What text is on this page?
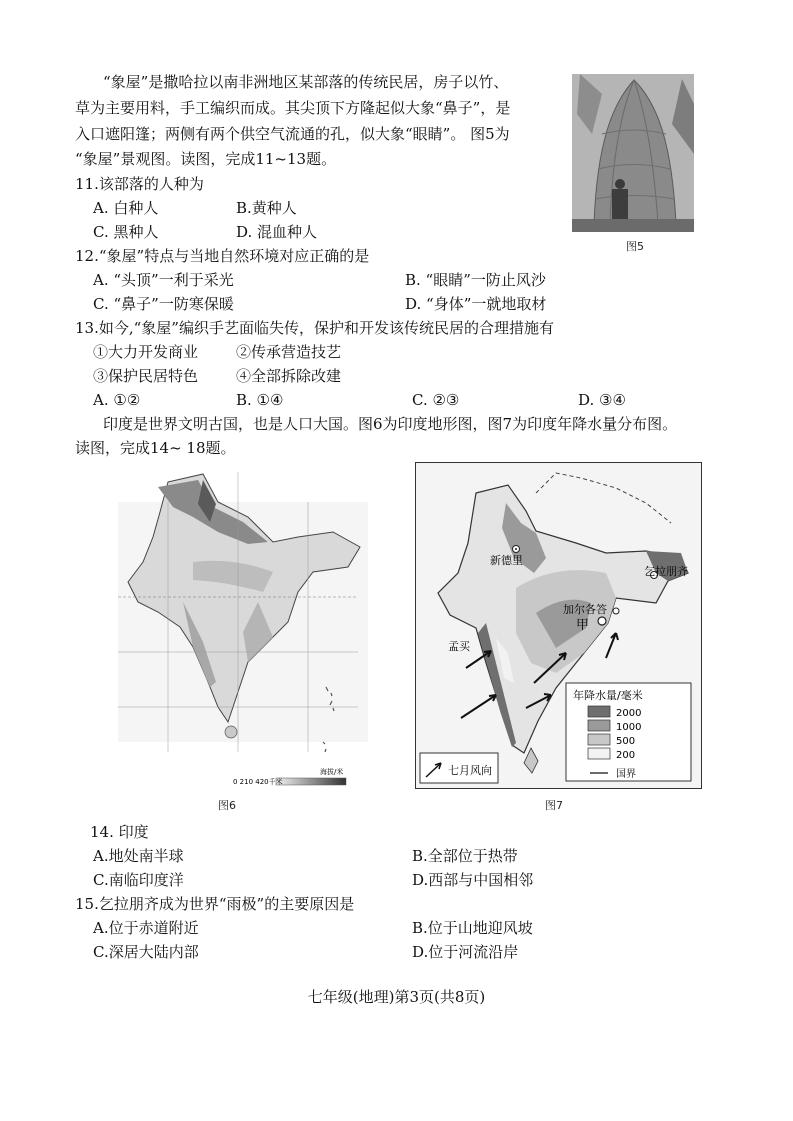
“象屋”是撒哈拉以南非洲地区某部落的传统民居，房子以竹、
草为主要用料，手工编织而成。其尖顶下方隆起似大象“鼻子”，是
入口遮阳篷；两侧有两个供空气流通的孔，似大象“眼睛”。 图5为
“象屋”景观图。读图，完成11~13题。
图5
11.该部落的人种为
A. 白种人	B.黄种人
C. 黑种人	D. 混血种人
12.“象屋”特点与当地自然环境对应正确的是
A. “头顶”一利于采光	B. “眼睛”一防止风沙
C. “鼻子”一防寒保暖	D. “身体”一就地取材
13.如今,“象屋”编织手艺面临失传，保护和开发该传统民居的合理措施有
①大力开发商业	②传承营造技艺
③保护民居特色	④全部拆除改建
A. ①②	B. ①④	C. ②③	D. ③④
印度是世界文明古国，也是人口大国。图6为印度地形图，图7为印度年降水量分布图。
读图，完成14~ 18题。
0 210 420千米
海拔/米
图6
新德里
乞拉朋齐
加尔各答
甲
孟买
年降水量/毫米
2000
1000
500
200
国界
七月风向
图7
14. 印度
A.地处南半球	B.全部位于热带
C.南临印度洋	D.西部与中国相邻
15.乞拉朋齐成为世界“雨极”的主要原因是
A.位于赤道附近	B.位于山地迎风坡
C.深居大陆内部	D.位于河流沿岸
七年级(地理)第3页(共8页)
